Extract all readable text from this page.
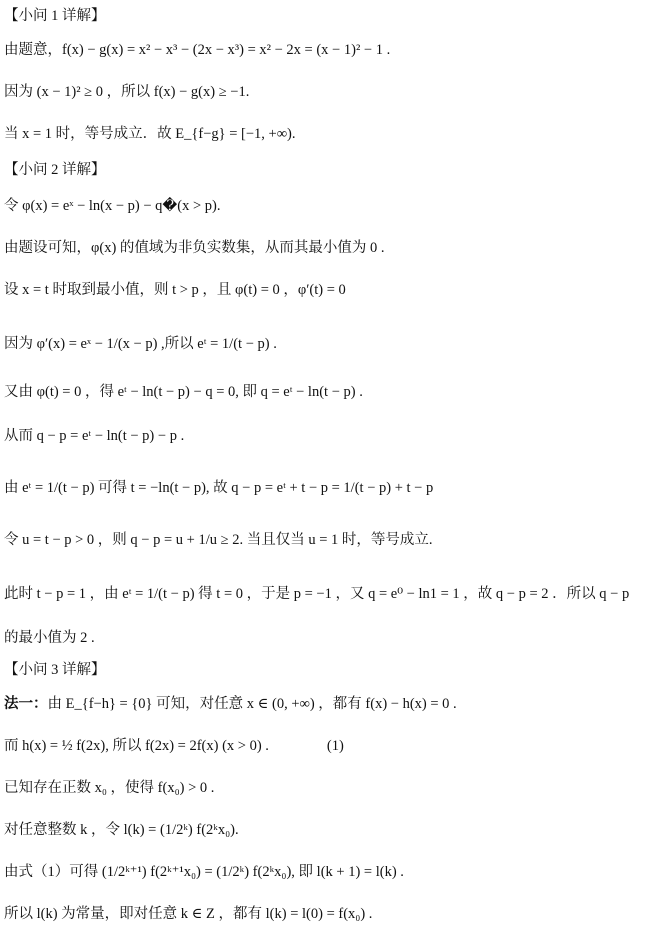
【小问 1 详解】
由题意，f(x) − g(x) = x² − x³ − (2x − x³) = x² − 2x = (x − 1)² − 1 .
因为 (x − 1)² ≥ 0 ，所以 f(x) − g(x) ≥ −1.
当 x = 1 时，等号成立．故 E_{f−g} = [−1, +∞).
【小问 2 详解】
令 φ(x) = eˣ − ln(x − p) − q�(x > p).
由题设可知，φ(x) 的值域为非负实数集，从而其最小值为 0 .
设 x = t 时取到最小值，则 t > p ，且 φ(t) = 0 ，φ′(t) = 0
因为 φ′(x) = eˣ − 1/(x − p) ,所以 eᵗ = 1/(t − p) .
又由 φ(t) = 0 ，得 eᵗ − ln(t − p) − q = 0, 即 q = eᵗ − ln(t − p) .
从而 q − p = eᵗ − ln(t − p) − p .
由 eᵗ = 1/(t − p) 可得 t = −ln(t − p), 故 q − p = eᵗ + t − p = 1/(t − p) + t − p
令 u = t − p > 0 ，则 q − p = u + 1/u ≥ 2. 当且仅当 u = 1 时，等号成立.
此时 t − p = 1 ，由 eᵗ = 1/(t − p) 得 t = 0 ，于是 p = −1 ，又 q = e⁰ − ln1 = 1 ，故 q − p = 2 ．所以 q − p
的最小值为 2 .
【小问 3 详解】
法一：由 E_{f−h} = {0} 可知，对任意 x ∈ (0, +∞) ，都有 f(x) − h(x) = 0 .
而 h(x) = ½ f(2x), 所以 f(2x) = 2f(x) (x > 0) .　　　　(1)
已知存在正数 x₀ ，使得 f(x₀) > 0 .
对任意整数 k ，令 l(k) = (1/2ᵏ) f(2ᵏx₀).
由式（1）可得 (1/2ᵏ⁺¹) f(2ᵏ⁺¹x₀) = (1/2ᵏ) f(2ᵏx₀), 即 l(k + 1) = l(k) .
所以 l(k) 为常量，即对任意 k ∈ Z ，都有 l(k) = l(0) = f(x₀) .
